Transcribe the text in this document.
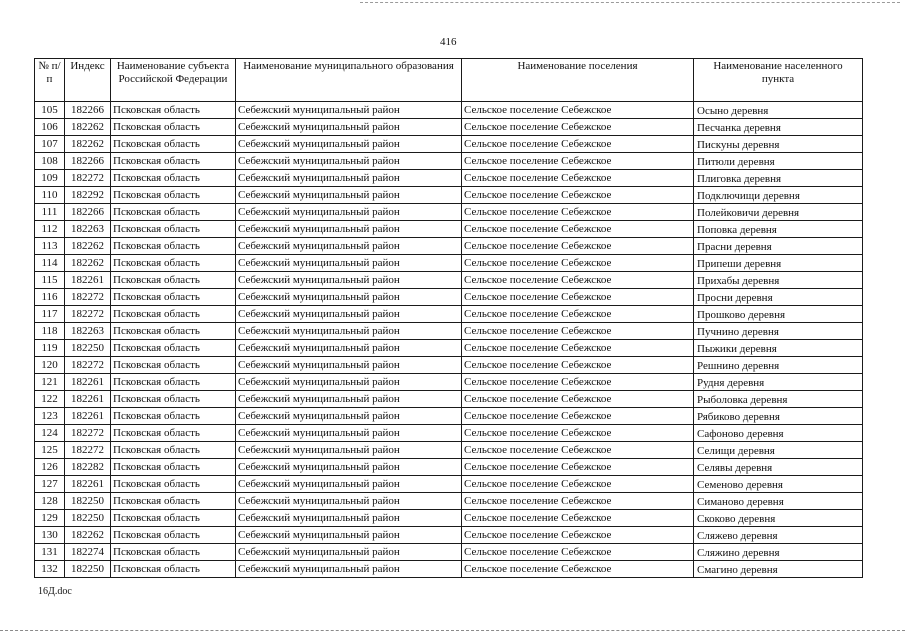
416
№ п/п	Индекс	Наименование субъекта Российской Федерации	Наименование муниципального образования	Наименование поселения	Наименование населенного пункта
105	182266	Псковская область	Себежский муниципальный район	Сельское поселение Себежское	Осыно деревня
106	182262	Псковская область	Себежский муниципальный район	Сельское поселение Себежское	Песчанка деревня
107	182262	Псковская область	Себежский муниципальный район	Сельское поселение Себежское	Пискуны деревня
108	182266	Псковская область	Себежский муниципальный район	Сельское поселение Себежское	Питюли деревня
109	182272	Псковская область	Себежский муниципальный район	Сельское поселение Себежское	Плиговка деревня
110	182292	Псковская область	Себежский муниципальный район	Сельское поселение Себежское	Подключищи деревня
111	182266	Псковская область	Себежский муниципальный район	Сельское поселение Себежское	Полейковичи деревня
112	182263	Псковская область	Себежский муниципальный район	Сельское поселение Себежское	Поповка деревня
113	182262	Псковская область	Себежский муниципальный район	Сельское поселение Себежское	Прасни деревня
114	182262	Псковская область	Себежский муниципальный район	Сельское поселение Себежское	Припеши деревня
115	182261	Псковская область	Себежский муниципальный район	Сельское поселение Себежское	Прихабы деревня
116	182272	Псковская область	Себежский муниципальный район	Сельское поселение Себежское	Просни деревня
117	182272	Псковская область	Себежский муниципальный район	Сельское поселение Себежское	Прошково деревня
118	182263	Псковская область	Себежский муниципальный район	Сельское поселение Себежское	Пучнино деревня
119	182250	Псковская область	Себежский муниципальный район	Сельское поселение Себежское	Пыжики деревня
120	182272	Псковская область	Себежский муниципальный район	Сельское поселение Себежское	Решнино деревня
121	182261	Псковская область	Себежский муниципальный район	Сельское поселение Себежское	Рудня деревня
122	182261	Псковская область	Себежский муниципальный район	Сельское поселение Себежское	Рыболовка деревня
123	182261	Псковская область	Себежский муниципальный район	Сельское поселение Себежское	Рябиково деревня
124	182272	Псковская область	Себежский муниципальный район	Сельское поселение Себежское	Сафоново деревня
125	182272	Псковская область	Себежский муниципальный район	Сельское поселение Себежское	Селищи деревня
126	182282	Псковская область	Себежский муниципальный район	Сельское поселение Себежское	Селявы деревня
127	182261	Псковская область	Себежский муниципальный район	Сельское поселение Себежское	Семеново деревня
128	182250	Псковская область	Себежский муниципальный район	Сельское поселение Себежское	Симаново деревня
129	182250	Псковская область	Себежский муниципальный район	Сельское поселение Себежское	Скоково деревня
130	182262	Псковская область	Себежский муниципальный район	Сельское поселение Себежское	Сляжево деревня
131	182274	Псковская область	Себежский муниципальный район	Сельское поселение Себежское	Сляжино деревня
132	182250	Псковская область	Себежский муниципальный район	Сельское поселение Себежское	Смагино деревня
16Д.doc
